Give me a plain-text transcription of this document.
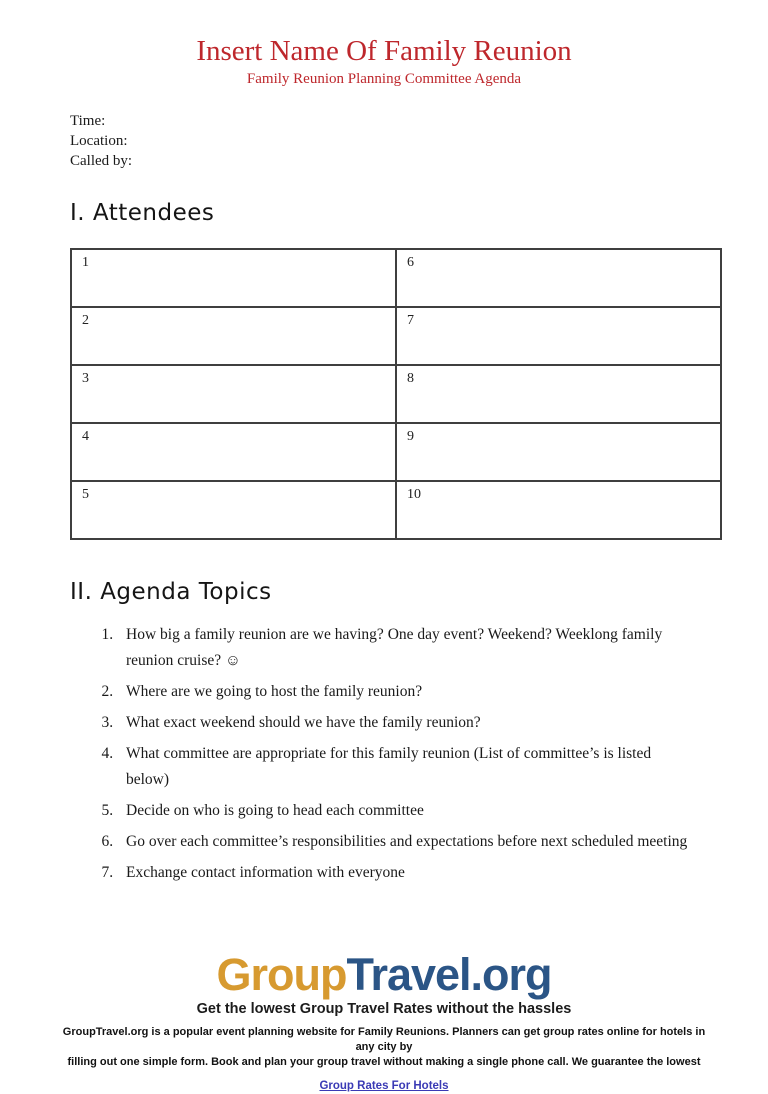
Insert Name Of Family Reunion
Family Reunion Planning Committee Agenda
Time:
Location:
Called by:
I. Attendees
1	6
2	7
3	8
4	9
5	10
II. Agenda Topics
1. How big a family reunion are we having? One day event? Weekend? Weeklong family reunion cruise? ☺
2. Where are we going to host the family reunion?
3. What exact weekend should we have the family reunion?
4. What committee are appropriate for this family reunion (List of committee’s is listed below)
5. Decide on who is going to head each committee
6. Go over each committee’s responsibilities and expectations before next scheduled meeting
7. Exchange contact information with everyone
GroupTravel.org
Get the lowest Group Travel Rates without the hassles
GroupTravel.org is a popular event planning website for Family Reunions. Planners can get group rates online for hotels in any city by
filling out one simple form. Book and plan your group travel without making a single phone call. We guarantee the lowest
Group Rates For Hotels
